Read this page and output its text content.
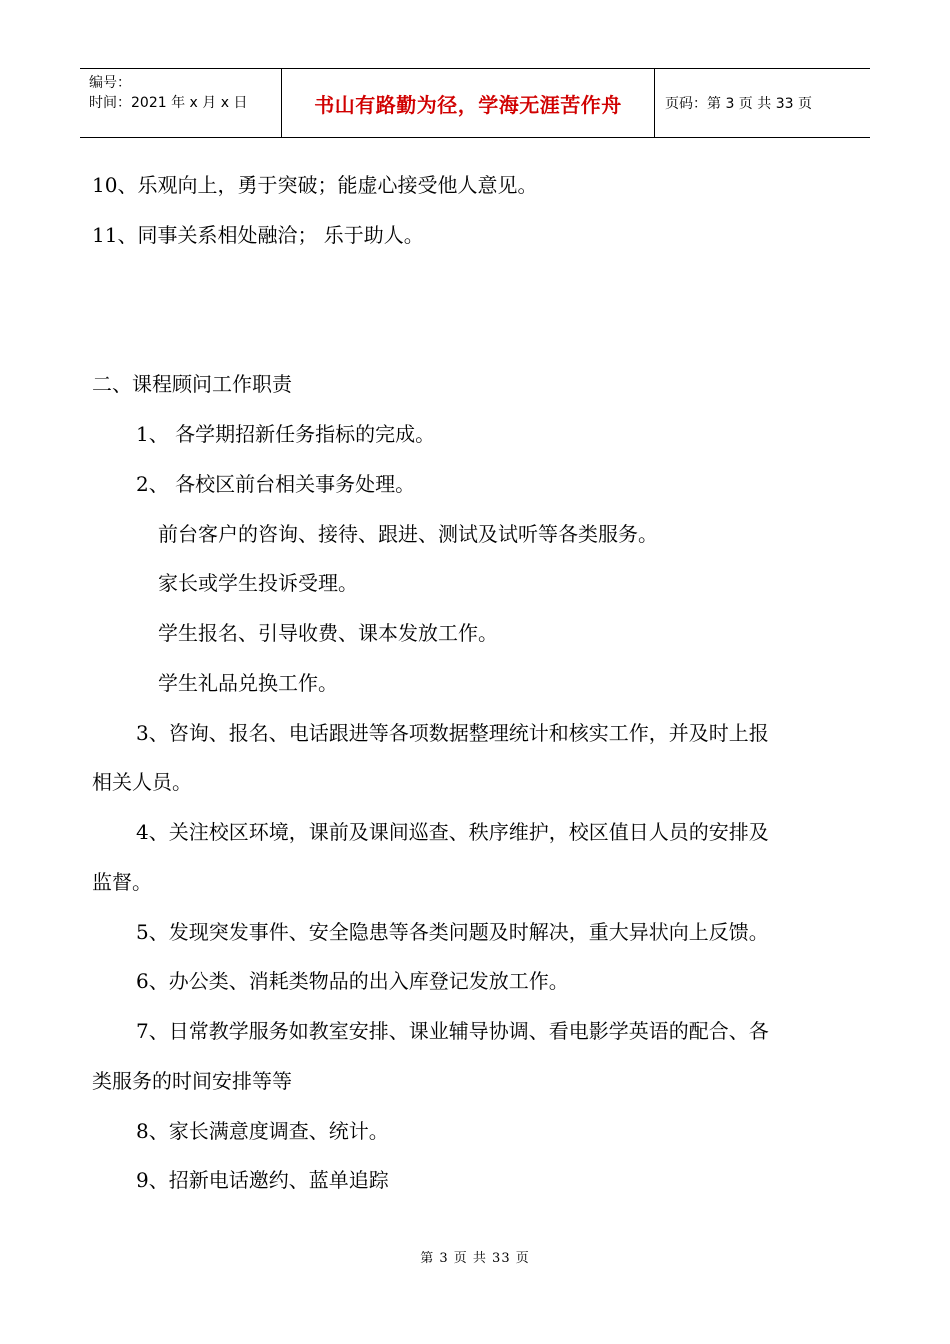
编号：
时间：2021 年 x 月 x 日	书山有路勤为径，学海无涯苦作舟	页码：第 3 页 共 33 页
10、乐观向上，勇于突破；能虚心接受他人意见。
11、同事关系相处融洽； 乐于助人。
二、课程顾问工作职责
1、 各学期招新任务指标的完成。
2、 各校区前台相关事务处理。
前台客户的咨询、接待、跟进、测试及试听等各类服务。
家长或学生投诉受理。
学生报名、引导收费、课本发放工作。
学生礼品兑换工作。
3、咨询、报名、电话跟进等各项数据整理统计和核实工作，并及时上报
相关人员。
4、关注校区环境，课前及课间巡查、秩序维护，校区值日人员的安排及
监督。
5、发现突发事件、安全隐患等各类问题及时解决，重大异状向上反馈。
6、办公类、消耗类物品的出入库登记发放工作。
7、日常教学服务如教室安排、课业辅导协调、看电影学英语的配合、各
类服务的时间安排等等
8、家长满意度调查、统计。
9、招新电话邀约、蓝单追踪
第 3 页 共 33 页
